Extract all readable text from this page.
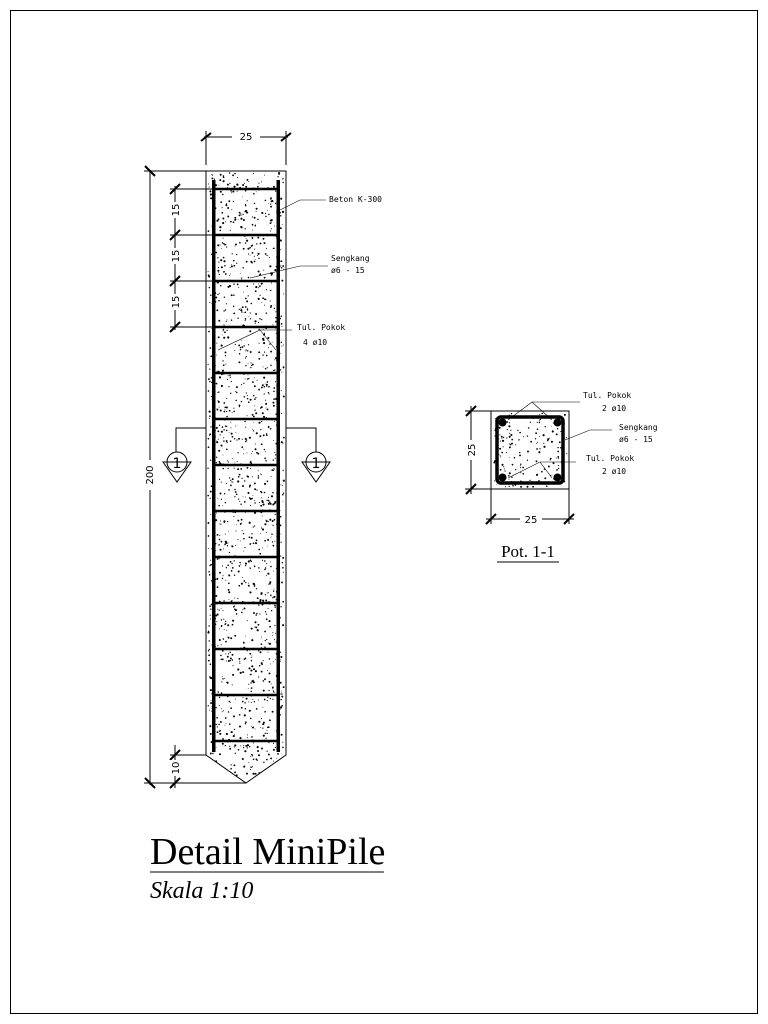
25
200
15
15
15
10
Beton K-300
Sengkang
ø6 - 15
Tul. Pokok
4 ø10
1	1
25
25
Tul. Pokok
2 ø10
Sengkang
ø6 - 15
Tul. Pokok
2 ø10
Pot. 1-1
Detail MiniPile
Skala 1:10
